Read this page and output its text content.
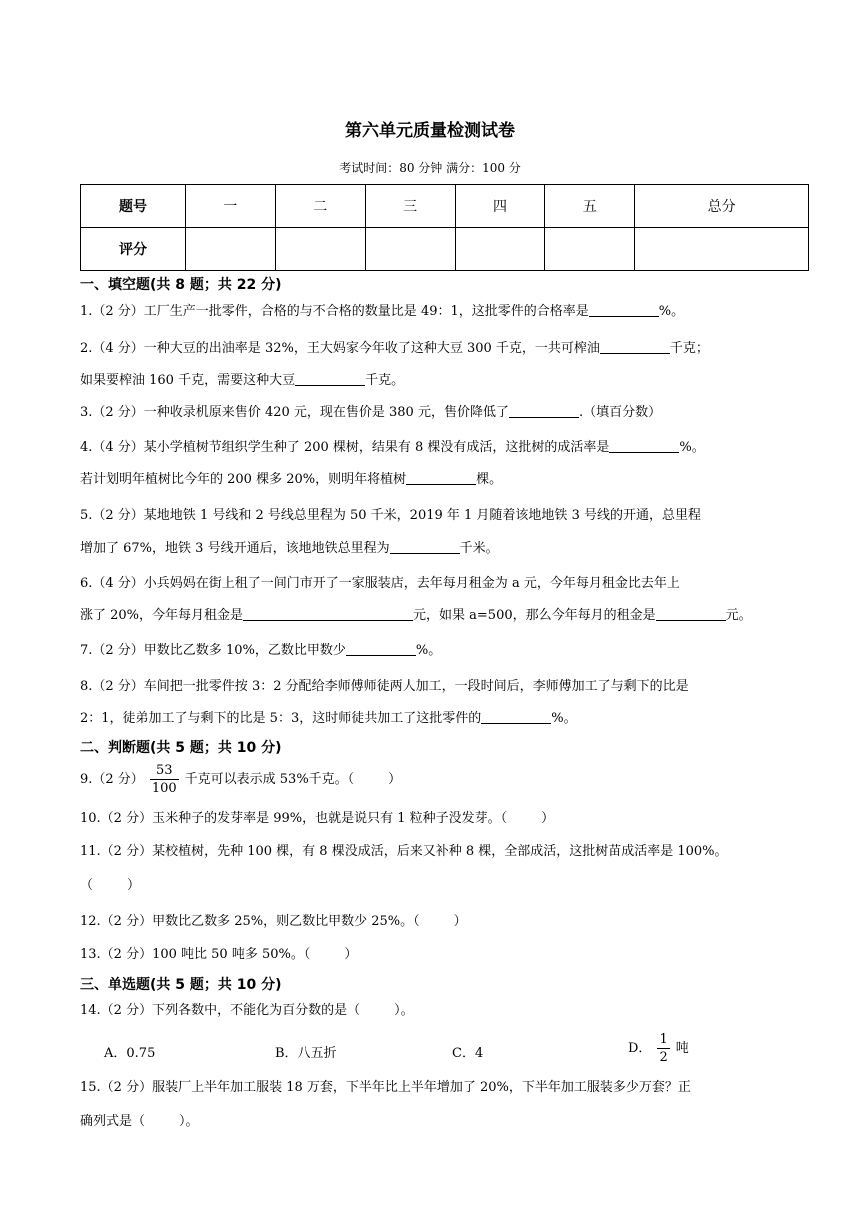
第六单元质量检测试卷
考试时间：80 分钟 满分：100 分
题号	一	二	三	四	五	总分
评分						
一、填空题(共 8 题；共 22 分)
1.（2 分）工厂生产一批零件，合格的与不合格的数量比是 49：1，这批零件的合格率是	%。
2.（4 分）一种大豆的出油率是 32%，王大妈家今年收了这种大豆 300 千克，一共可榨油	千克；
如果要榨油 160 千克，需要这种大豆	千克。
3.（2 分）一种收录机原来售价 420 元，现在售价是 380 元，售价降低了	.（填百分数）
4.（4 分）某小学植树节组织学生种了 200 棵树，结果有 8 棵没有成活，这批树的成活率是	%。
若计划明年植树比今年的 200 棵多 20%，则明年将植树	棵。
5.（2 分）某地地铁 1 号线和 2 号线总里程为 50 千米，2019 年 1 月随着该地地铁 3 号线的开通，总里程
增加了 67%，地铁 3 号线开通后，该地地铁总里程为	千米。
6.（4 分）小兵妈妈在街上租了一间门市开了一家服装店，去年每月租金为 a 元，今年每月租金比去年上
涨了 20%，今年每月租金是	元，如果 a=500，那么今年每月的租金是	元。
7.（2 分）甲数比乙数多 10%，乙数比甲数少	%。
8.（2 分）车间把一批零件按 3：2 分配给李师傅师徒两人加工，一段时间后，李师傅加工了与剩下的比是
2：1，徒弟加工了与剩下的比是 5：3，这时师徒共加工了这批零件的	%。
二、判断题(共 5 题；共 10 分)
9.（2 分） $\frac{53}{100}$ 千克可以表示成 53%千克。（	）
10.（2 分）玉米种子的发芽率是 99%，也就是说只有 1 粒种子没发芽。（	）
11.（2 分）某校植树，先种 100 棵，有 8 棵没成活，后来又补种 8 棵，全部成活，这批树苗成活率是 100%。
（	）
12.（2 分）甲数比乙数多 25%，则乙数比甲数少 25%。（	）
13.（2 分）100 吨比 50 吨多 50%。（	）
三、单选题(共 5 题；共 10 分)
14.（2 分）下列各数中，不能化为百分数的是（	）。
A．0.75	B．八五折	C．4	D． $\frac{1}{2}$ 吨
15.（2 分）服装厂上半年加工服装 18 万套，下半年比上半年增加了 20%，下半年加工服装多少万套？正
确列式是（	）。
